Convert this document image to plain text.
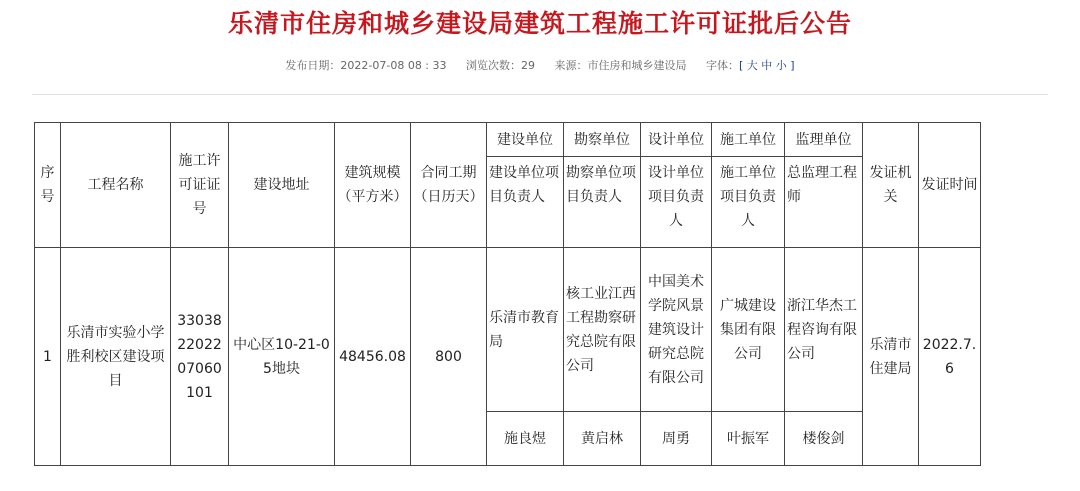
乐清市住房和城乡建设局建筑工程施工许可证批后公告
发布日期：2022-07-08 08 : 33 浏览次数：29 来源：市住房和城乡建设局 字体：[ 大 中 小 ]
序号	工程名称	施工许可证证号	建设地址	建筑规模（平方米）	合同工期（日历天）	建设单位	勘察单位	设计单位	施工单位	监理单位	发证机关	发证时间
						建设单位项目负责人	勘察单位项目负责人	设计单位项目负责人	施工单位项目负责人	总监理工程师		
1	乐清市实验小学胜利校区建设项目	330382202207060101	中心区10-21-05地块	48456.08	800	乐清市教育局	核工业江西工程勘察研究总院有限公司	中国美术学院风景建筑设计研究总院有限公司	广城建设集团有限公司	浙江华杰工程咨询有限公司	乐清市住建局	2022.7.6
						施良煜	黄启林	周勇	叶振军	楼俊剑		
